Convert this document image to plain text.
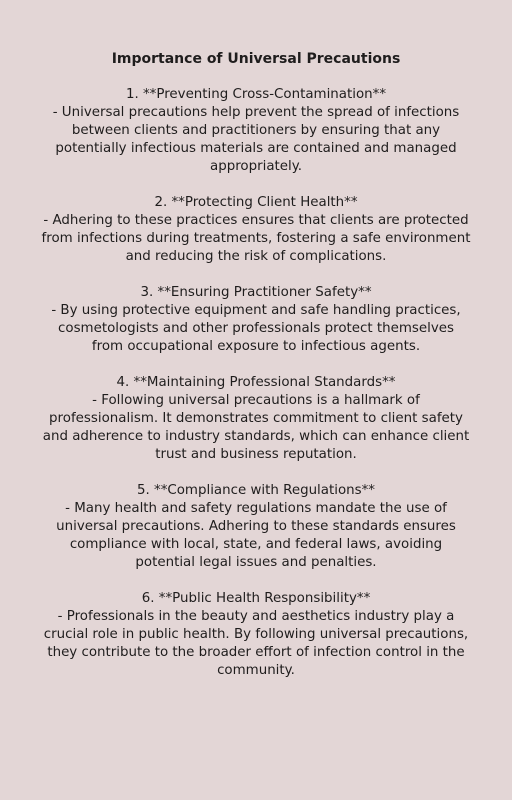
Importance of Universal Precautions

1. **Preventing Cross-Contamination**

- Universal precautions help prevent the spread of infections between clients and practitioners by ensuring that any potentially infectious materials are contained and managed appropriately.

2. **Protecting Client Health**

- Adhering to these practices ensures that clients are protected from infections during treatments, fostering a safe environment and reducing the risk of complications.

3. **Ensuring Practitioner Safety**

- By using protective equipment and safe handling practices, cosmetologists and other professionals protect themselves from occupational exposure to infectious agents.

4. **Maintaining Professional Standards**

- Following universal precautions is a hallmark of professionalism. It demonstrates commitment to client safety and adherence to industry standards, which can enhance client trust and business reputation.

5. **Compliance with Regulations**

- Many health and safety regulations mandate the use of universal precautions. Adhering to these standards ensures compliance with local, state, and federal laws, avoiding potential legal issues and penalties.

6. **Public Health Responsibility**

- Professionals in the beauty and aesthetics industry play a crucial role in public health. By following universal precautions, they contribute to the broader effort of infection control in the community.
